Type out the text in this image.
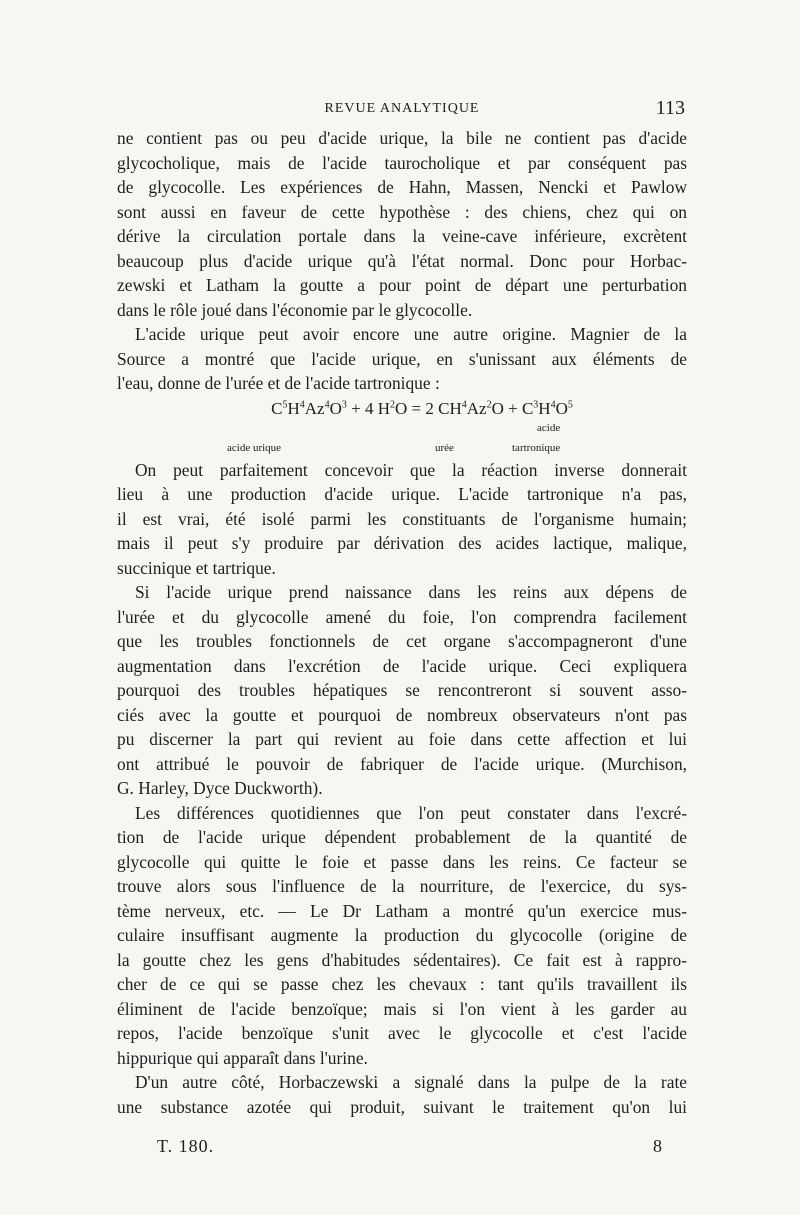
REVUE ANALYTIQUE	113

ne contient pas ou peu d'acide urique, la bile ne contient pas d'acide
glycocholique, mais de l'acide taurocholique et par conséquent pas
de glycocolle. Les expériences de Hahn, Massen, Nencki et Pawlow
sont aussi en faveur de cette hypothèse : des chiens, chez qui on
dérive la circulation portale dans la veine-cave inférieure, excrètent
beaucoup plus d'acide urique qu'à l'état normal. Donc pour Horbac-
zewski et Latham la goutte a pour point de départ une perturbation
dans le rôle joué dans l'économie par le glycocolle.

L'acide urique peut avoir encore une autre origine. Magnier de la
Source a montré que l'acide urique, en s'unissant aux éléments de
l'eau, donne de l'urée et de l'acide tartronique :

$C^5H^4Az^4O^3 + 4$ $H^2O = 2$ $CH^4Az^2O + C^3H^4O^5$
acide
acide urique	urée	tartronique

On peut parfaitement concevoir que la réaction inverse donnerait
lieu à une production d'acide urique. L'acide tartronique n'a pas,
il est vrai, été isolé parmi les constituants de l'organisme humain;
mais il peut s'y produire par dérivation des acides lactique, malique,
succinique et tartrique.

Si l'acide urique prend naissance dans les reins aux dépens de
l'urée et du glycocolle amené du foie, l'on comprendra facilement
que les troubles fonctionnels de cet organe s'accompagneront d'une
augmentation dans l'excrétion de l'acide urique. Ceci expliquera
pourquoi des troubles hépatiques se rencontreront si souvent asso-
ciés avec la goutte et pourquoi de nombreux observateurs n'ont pas
pu discerner la part qui revient au foie dans cette affection et lui
ont attribué le pouvoir de fabriquer de l'acide urique. (Murchison,
G. Harley, Dyce Duckworth).

Les différences quotidiennes que l'on peut constater dans l'excré-
tion de l'acide urique dépendent probablement de la quantité de
glycocolle qui quitte le foie et passe dans les reins. Ce facteur se
trouve alors sous l'influence de la nourriture, de l'exercice, du sys-
tème nerveux, etc. — Le Dr Latham a montré qu'un exercice mus-
culaire insuffisant augmente la production du glycocolle (origine de
la goutte chez les gens d'habitudes sédentaires). Ce fait est à rappro-
cher de ce qui se passe chez les chevaux : tant qu'ils travaillent ils
éliminent de l'acide benzoïque; mais si l'on vient à les garder au
repos, l'acide benzoïque s'unit avec le glycocolle et c'est l'acide
hippurique qui apparaît dans l'urine.

D'un autre côté, Horbaczewski a signalé dans la pulpe de la rate
une substance azotée qui produit, suivant le traitement qu'on lui

T. 180.	8
